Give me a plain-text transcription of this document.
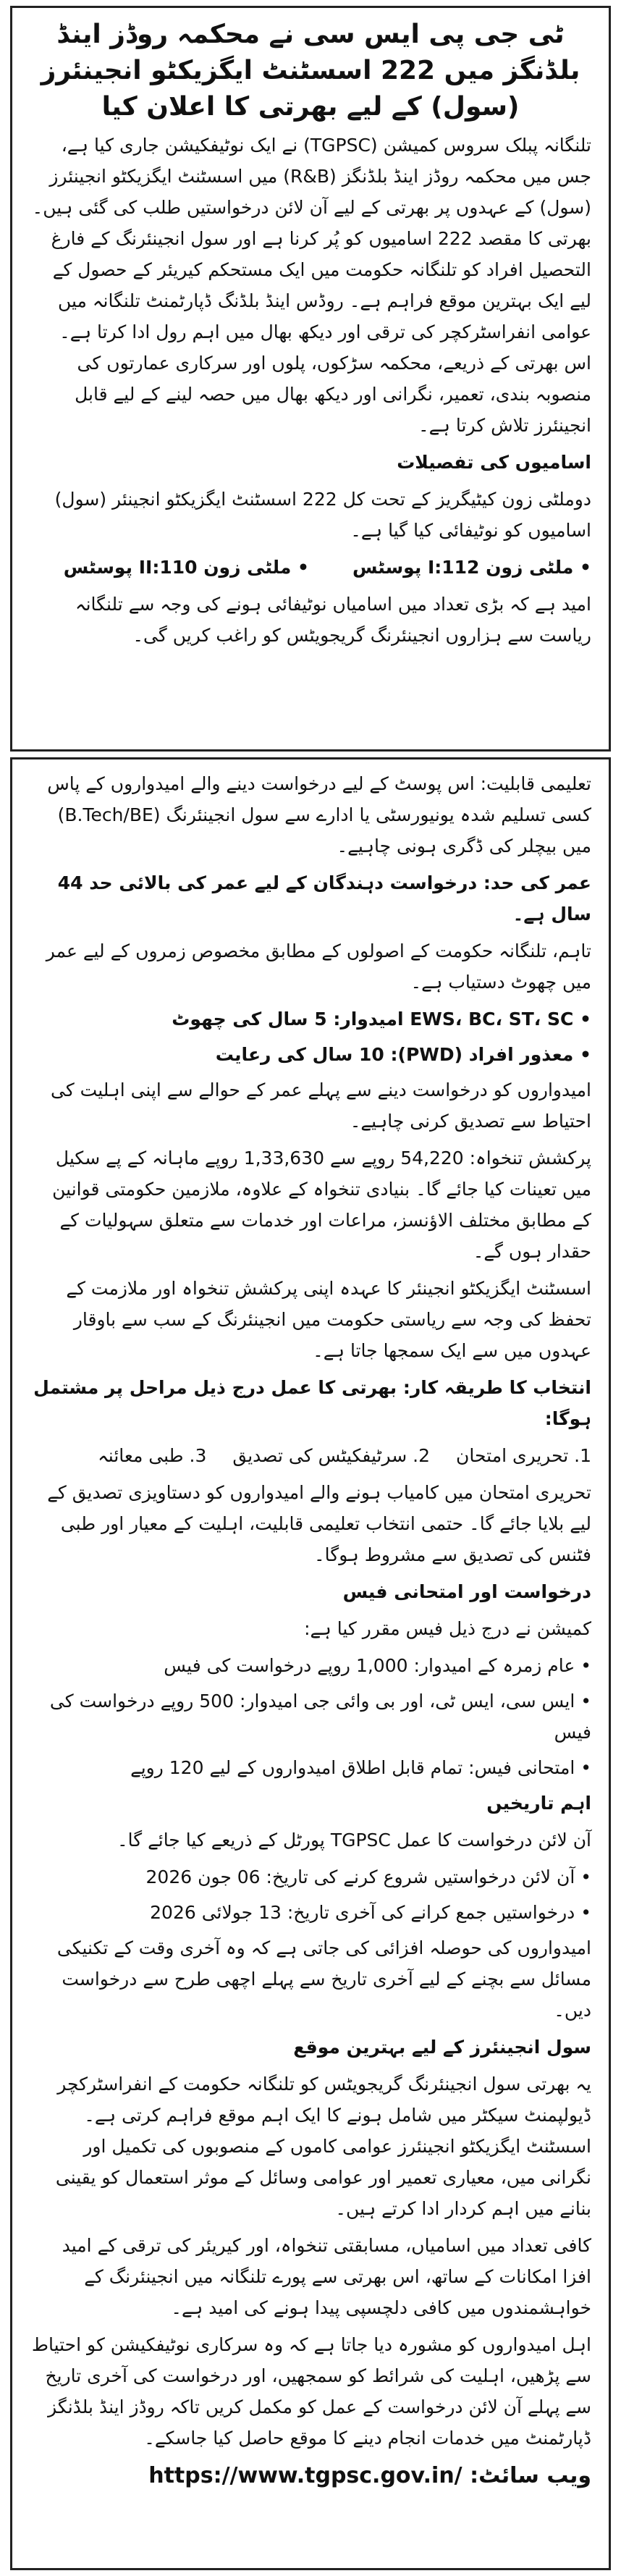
ٹی جی پی ایس سی نے محکمہ روڈز اینڈ بلڈنگز میں 222 اسسٹنٹ ایگزیکٹو انجینئرز (سول) کے لیے بھرتی کا اعلان کیا
تلنگانہ پبلک سروس کمیشن (TGPSC) نے ایک نوٹیفکیشن جاری کیا ہے، جس میں محکمہ روڈز اینڈ بلڈنگز (R&B) میں اسسٹنٹ ایگزیکٹو انجینئرز (سول) کے عہدوں پر بھرتی کے لیے آن لائن درخواستیں طلب کی گئی ہیں۔ بھرتی کا مقصد 222 اسامیوں کو پُر کرنا ہے اور سول انجینئرنگ کے فارغ التحصیل افراد کو تلنگانہ حکومت میں ایک مستحکم کیریئر کے حصول کے لیے ایک بہترین موقع فراہم ہے۔ روڈس اینڈ بلڈنگ ڈپارٹمنٹ تلنگانہ میں عوامی انفراسٹرکچر کی ترقی اور دیکھ بھال میں اہم رول ادا کرتا ہے۔ اس بھرتی کے ذریعے، محکمہ سڑکوں، پلوں اور سرکاری عمارتوں کی منصوبہ بندی، تعمیر، نگرانی اور دیکھ بھال میں حصہ لینے کے لیے قابل انجینئرز تلاش کرتا ہے۔
اسامیوں کی تفصیلات
دوملٹی زون کیٹیگریز کے تحت کل 222 اسسٹنٹ ایگزیکٹو انجینئر (سول) اسامیوں کو نوٹیفائی کیا گیا ہے۔
• ملٹی زون 112:I پوسٹس
• ملٹی زون 110:II پوسٹس
امید ہے کہ بڑی تعداد میں اسامیاں نوٹیفائی ہونے کی وجہ سے تلنگانہ ریاست سے ہزاروں انجینئرنگ گریجویٹس کو راغب کریں گی۔
تعلیمی قابلیت: اس پوسٹ کے لیے درخواست دینے والے امیدواروں کے پاس کسی تسلیم شدہ یونیورسٹی یا ادارے سے سول انجینئرنگ (B.Tech/BE) میں بیچلر کی ڈگری ہونی چاہیے۔
عمر کی حد: درخواست دہندگان کے لیے عمر کی بالائی حد 44 سال ہے۔
تاہم، تلنگانہ حکومت کے اصولوں کے مطابق مخصوص زمروں کے لیے عمر میں چھوٹ دستیاب ہے۔
• EWS، BC، ST، SC امیدوار: 5 سال کی چھوٹ
• معذور افراد (PWD): 10 سال کی رعایت
امیدواروں کو درخواست دینے سے پہلے عمر کے حوالے سے اپنی اہلیت کی احتیاط سے تصدیق کرنی چاہیے۔
پرکشش تنخواہ: 54,220 روپے سے 1,33,630 روپے ماہانہ کے پے سکیل میں تعینات کیا جائے گا۔ بنیادی تنخواہ کے علاوہ، ملازمین حکومتی قوانین کے مطابق مختلف الاؤنسز، مراعات اور خدمات سے متعلق سہولیات کے حقدار ہوں گے۔
اسسٹنٹ ایگزیکٹو انجینئر کا عہدہ اپنی پرکشش تنخواہ اور ملازمت کے تحفظ کی وجہ سے ریاستی حکومت میں انجینئرنگ کے سب سے باوقار عہدوں میں سے ایک سمجھا جاتا ہے۔
انتخاب کا طریقہ کار: بھرتی کا عمل درج ذیل مراحل پر مشتمل ہوگا:
1. تحریری امتحان
2. سرٹیفکیٹس کی تصدیق
3. طبی معائنہ
تحریری امتحان میں کامیاب ہونے والے امیدواروں کو دستاویزی تصدیق کے لیے بلایا جائے گا۔ حتمی انتخاب تعلیمی قابلیت، اہلیت کے معیار اور طبی فٹنس کی تصدیق سے مشروط ہوگا۔
درخواست اور امتحانی فیس
کمیشن نے درج ذیل فیس مقرر کیا ہے:
• عام زمرہ کے امیدوار: 1,000 روپے درخواست کی فیس
• ایس سی، ایس ٹی، اور بی وائی جی امیدوار: 500 روپے درخواست کی فیس
• امتحانی فیس: تمام قابل اطلاق امیدواروں کے لیے 120 روپے
اہم تاریخیں
آن لائن درخواست کا عمل TGPSC پورٹل کے ذریعے کیا جائے گا۔
• آن لائن درخواستیں شروع کرنے کی تاریخ: 06 جون 2026
• درخواستیں جمع کرانے کی آخری تاریخ: 13 جولائی 2026
امیدواروں کی حوصلہ افزائی کی جاتی ہے کہ وہ آخری وقت کے تکنیکی مسائل سے بچنے کے لیے آخری تاریخ سے پہلے اچھی طرح سے درخواست دیں۔
سول انجینئرز کے لیے بہترین موقع
یہ بھرتی سول انجینئرنگ گریجویٹس کو تلنگانہ حکومت کے انفراسٹرکچر ڈیولپمنٹ سیکٹر میں شامل ہونے کا ایک اہم موقع فراہم کرتی ہے۔ اسسٹنٹ ایگزیکٹو انجینئرز عوامی کاموں کے منصوبوں کی تکمیل اور نگرانی میں، معیاری تعمیر اور عوامی وسائل کے موثر استعمال کو یقینی بنانے میں اہم کردار ادا کرتے ہیں۔
کافی تعداد میں اسامیاں، مسابقتی تنخواہ، اور کیریئر کی ترقی کے امید افزا امکانات کے ساتھ، اس بھرتی سے پورے تلنگانہ میں انجینئرنگ کے خواہشمندوں میں کافی دلچسپی پیدا ہونے کی امید ہے۔
اہل امیدواروں کو مشورہ دیا جاتا ہے کہ وہ سرکاری نوٹیفکیشن کو احتیاط سے پڑھیں، اہلیت کی شرائط کو سمجھیں، اور درخواست کی آخری تاریخ سے پہلے آن لائن درخواست کے عمل کو مکمل کریں تاکہ روڈز اینڈ بلڈنگز ڈپارٹمنٹ میں خدمات انجام دینے کا موقع حاصل کیا جاسکے۔
ویب سائٹ: https://www.tgpsc.gov.in/
